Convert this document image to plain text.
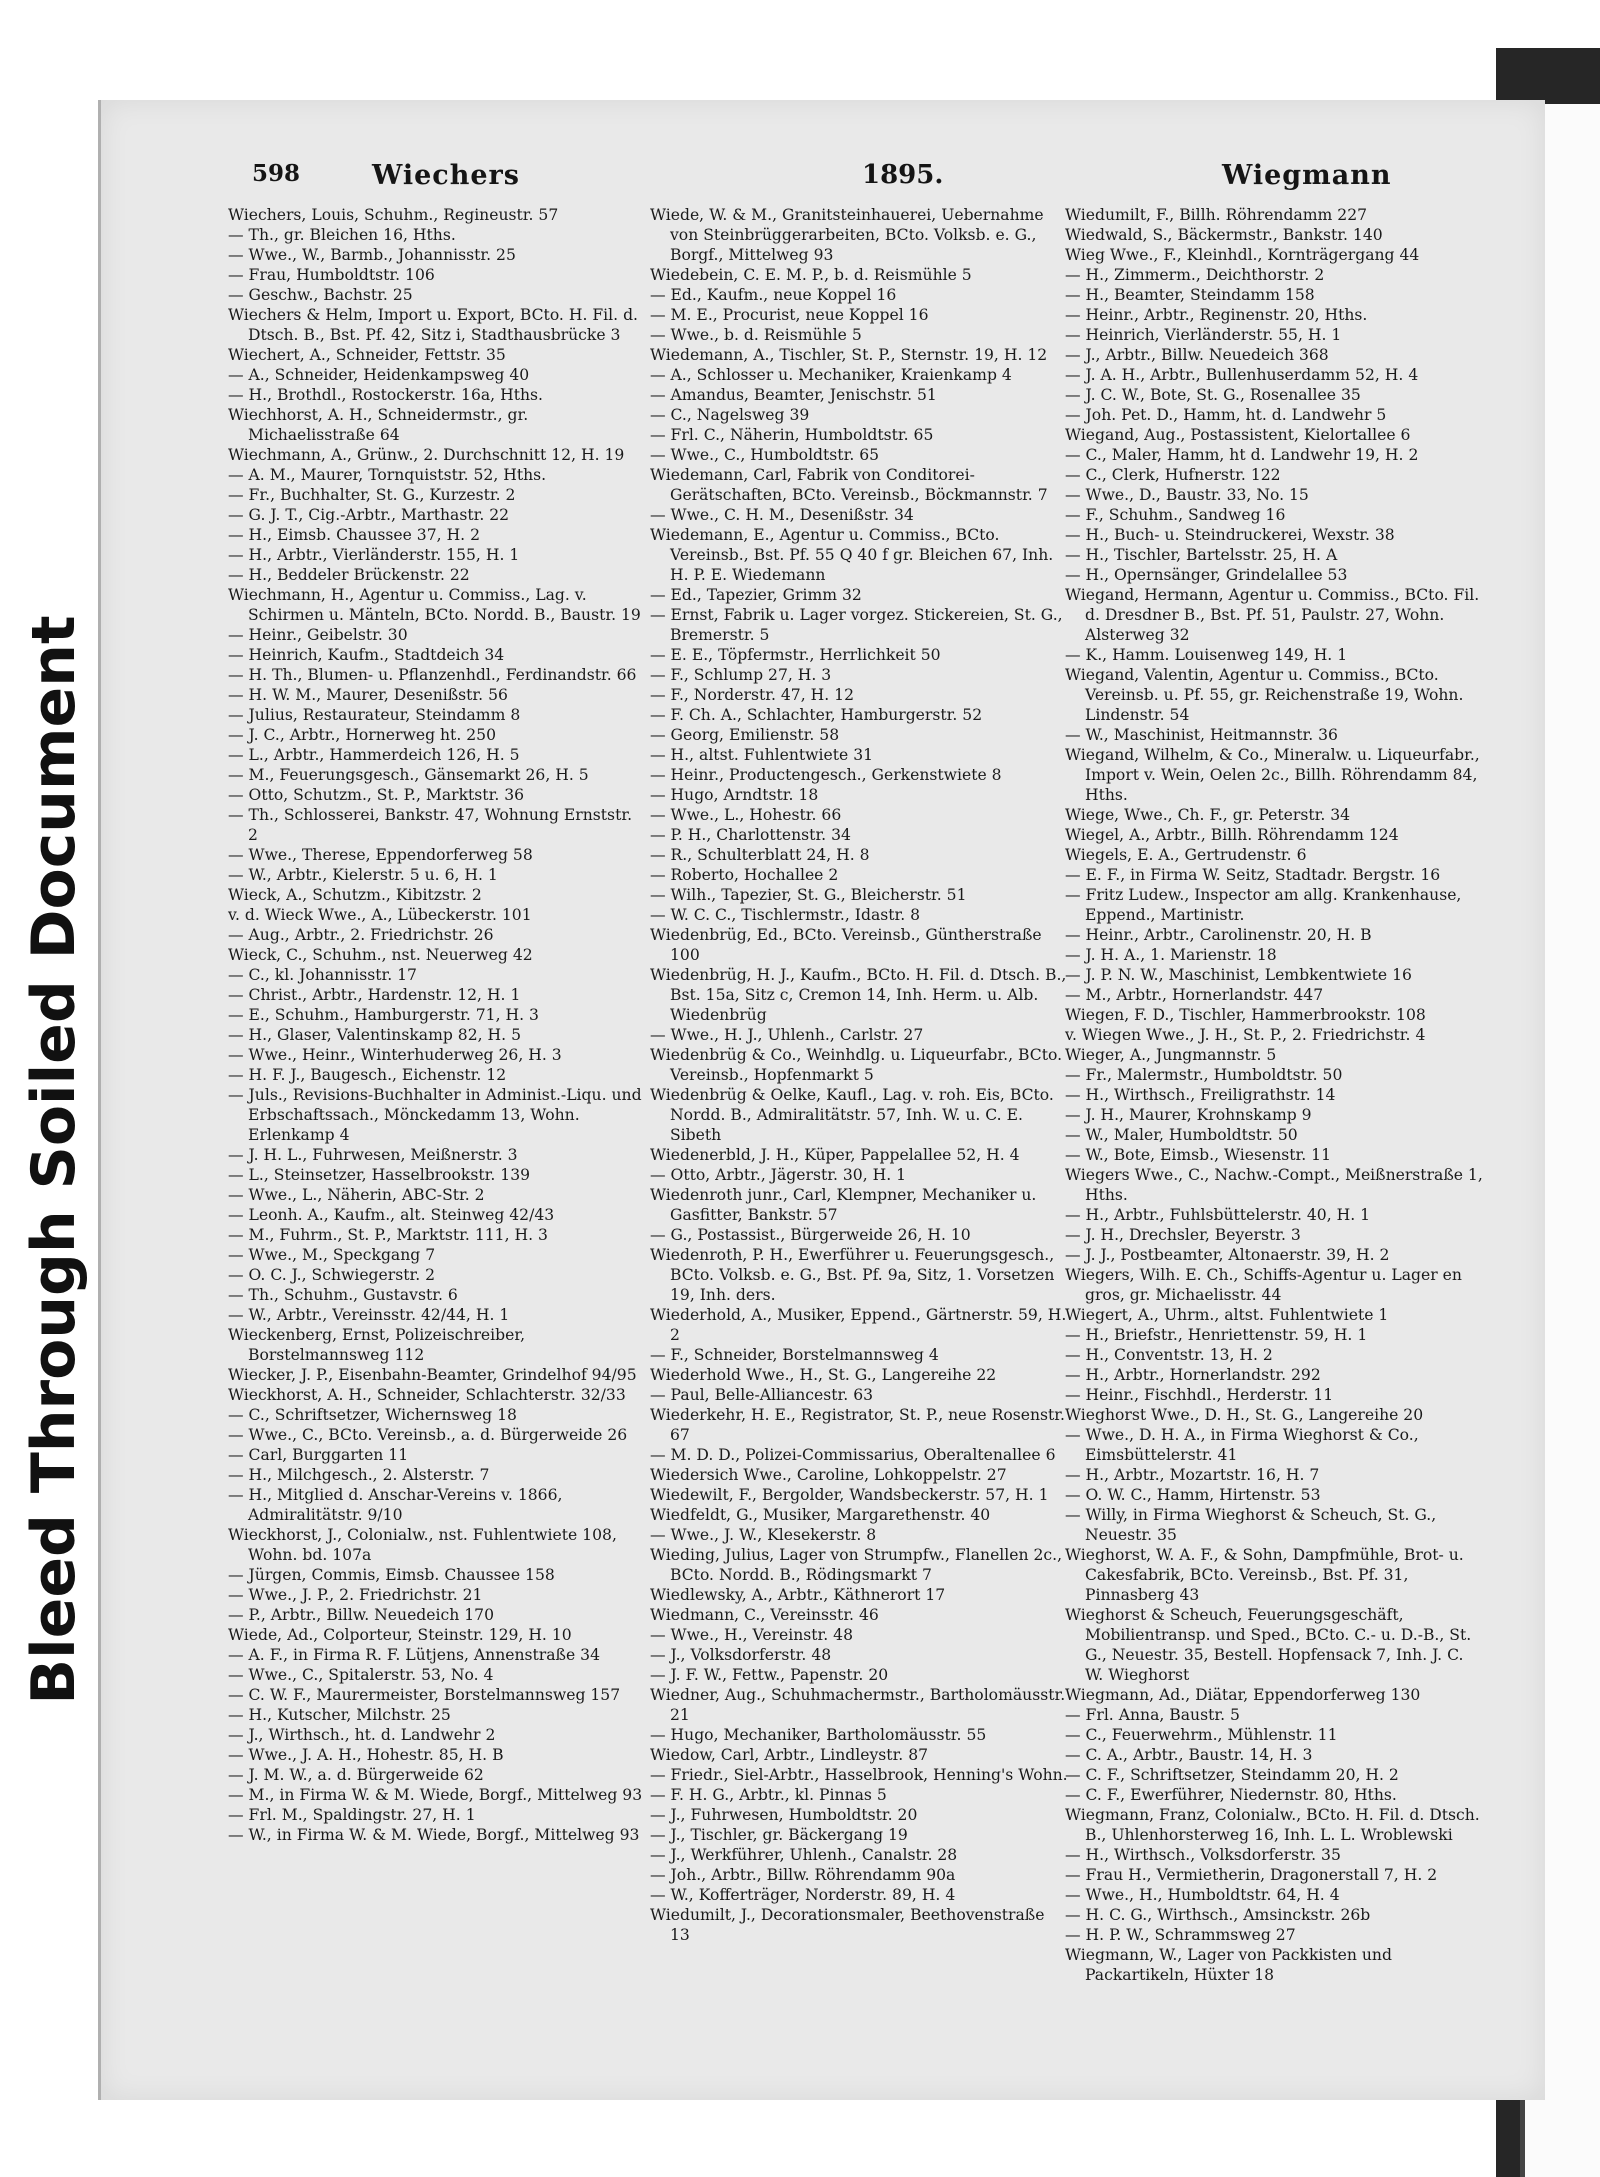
Bleed Through Soiled Document
598	Wiechers	1895.	Wiegmann

Wiechers, Louis, Schuhm., Regineustr. 57

— Th., gr. Bleichen 16, Hths.

— Wwe., W., Barmb., Johannisstr. 25

— Frau, Humboldtstr. 106

— Geschw., Bachstr. 25

Wiechers & Helm, Import u. Export, BCto. H. Fil. d. Dtsch. B., Bst. Pf. 42, Sitz i, Stadthausbrücke 3

Wiechert, A., Schneider, Fettstr. 35

— A., Schneider, Heidenkampsweg 40

— H., Brothdl., Rostockerstr. 16a, Hths.

Wiechhorst, A. H., Schneidermstr., gr. Michaelisstraße 64

Wiechmann, A., Grünw., 2. Durchschnitt 12, H. 19

— A. M., Maurer, Tornquiststr. 52, Hths.

— Fr., Buchhalter, St. G., Kurzestr. 2

— G. J. T., Cig.-Arbtr., Marthastr. 22

— H., Eimsb. Chaussee 37, H. 2

— H., Arbtr., Vierländerstr. 155, H. 1

— H., Beddeler Brückenstr. 22

Wiechmann, H., Agentur u. Commiss., Lag. v. Schirmen u. Mänteln, BCto. Nordd. B., Baustr. 19

— Heinr., Geibelstr. 30

— Heinrich, Kaufm., Stadtdeich 34

— H. Th., Blumen- u. Pflanzenhdl., Ferdinandstr. 66

— H. W. M., Maurer, Desenißstr. 56

— Julius, Restaurateur, Steindamm 8

— J. C., Arbtr., Hornerweg ht. 250

— L., Arbtr., Hammerdeich 126, H. 5

— M., Feuerungsgesch., Gänsemarkt 26, H. 5

— Otto, Schutzm., St. P., Marktstr. 36

— Th., Schlosserei, Bankstr. 47, Wohnung Ernststr. 2

— Wwe., Therese, Eppendorferweg 58

— W., Arbtr., Kielerstr. 5 u. 6, H. 1

Wieck, A., Schutzm., Kibitzstr. 2

v. d. Wieck Wwe., A., Lübeckerstr. 101

— Aug., Arbtr., 2. Friedrichstr. 26

Wieck, C., Schuhm., nst. Neuerweg 42

— C., kl. Johannisstr. 17

— Christ., Arbtr., Hardenstr. 12, H. 1

— E., Schuhm., Hamburgerstr. 71, H. 3

— H., Glaser, Valentinskamp 82, H. 5

— Wwe., Heinr., Winterhuderweg 26, H. 3

— H. F. J., Baugesch., Eichenstr. 12

— Juls., Revisions-Buchhalter in Administ.-Liqu. und Erbschaftssach., Mönckedamm 13, Wohn. Erlenkamp 4

— J. H. L., Fuhrwesen, Meißnerstr. 3

— L., Steinsetzer, Hasselbrookstr. 139

— Wwe., L., Näherin, ABC-Str. 2

— Leonh. A., Kaufm., alt. Steinweg 42/43

— M., Fuhrm., St. P., Marktstr. 111, H. 3

— Wwe., M., Speckgang 7

— O. C. J., Schwiegerstr. 2

— Th., Schuhm., Gustavstr. 6

— W., Arbtr., Vereinsstr. 42/44, H. 1

Wieckenberg, Ernst, Polizeischreiber, Borstelmannsweg 112

Wiecker, J. P., Eisenbahn-Beamter, Grindelhof 94/95

Wieckhorst, A. H., Schneider, Schlachterstr. 32/33

— C., Schriftsetzer, Wichernsweg 18

— Wwe., C., BCto. Vereinsb., a. d. Bürgerweide 26

— Carl, Burggarten 11

— H., Milchgesch., 2. Alsterstr. 7

— H., Mitglied d. Anschar-Vereins v. 1866, Admiralitätstr. 9/10

Wieckhorst, J., Colonialw., nst. Fuhlentwiete 108, Wohn. bd. 107a

— Jürgen, Commis, Eimsb. Chaussee 158

— Wwe., J. P., 2. Friedrichstr. 21

— P., Arbtr., Billw. Neuedeich 170

Wiede, Ad., Colporteur, Steinstr. 129, H. 10

— A. F., in Firma R. F. Lütjens, Annenstraße 34

— Wwe., C., Spitalerstr. 53, No. 4

— C. W. F., Maurermeister, Borstelmannsweg 157

— H., Kutscher, Milchstr. 25

— J., Wirthsch., ht. d. Landwehr 2

— Wwe., J. A. H., Hohestr. 85, H. B

— J. M. W., a. d. Bürgerweide 62

— M., in Firma W. & M. Wiede, Borgf., Mittelweg 93

— Frl. M., Spaldingstr. 27, H. 1

— W., in Firma W. & M. Wiede, Borgf., Mittelweg 93

Wiede, W. & M., Granitsteinhauerei, Uebernahme von Steinbrüggerarbeiten, BCto. Volksb. e. G., Borgf., Mittelweg 93

Wiedebein, C. E. M. P., b. d. Reismühle 5

— Ed., Kaufm., neue Koppel 16

— M. E., Procurist, neue Koppel 16

— Wwe., b. d. Reismühle 5

Wiedemann, A., Tischler, St. P., Sternstr. 19, H. 12

— A., Schlosser u. Mechaniker, Kraienkamp 4

— Amandus, Beamter, Jenischstr. 51

— C., Nagelsweg 39

— Frl. C., Näherin, Humboldtstr. 65

— Wwe., C., Humboldtstr. 65

Wiedemann, Carl, Fabrik von Conditorei-Gerätschaften, BCto. Vereinsb., Böckmannstr. 7

— Wwe., C. H. M., Desenißstr. 34

Wiedemann, E., Agentur u. Commiss., BCto. Vereinsb., Bst. Pf. 55 Q 40 f gr. Bleichen 67, Inh. H. P. E. Wiedemann

— Ed., Tapezier, Grimm 32

— Ernst, Fabrik u. Lager vorgez. Stickereien, St. G., Bremerstr. 5

— E. E., Töpfermstr., Herrlichkeit 50

— F., Schlump 27, H. 3

— F., Norderstr. 47, H. 12

— F. Ch. A., Schlachter, Hamburgerstr. 52

— Georg, Emilienstr. 58

— H., altst. Fuhlentwiete 31

— Heinr., Productengesch., Gerkenstwiete 8

— Hugo, Arndtstr. 18

— Wwe., L., Hohestr. 66

— P. H., Charlottenstr. 34

— R., Schulterblatt 24, H. 8

— Roberto, Hochallee 2

— Wilh., Tapezier, St. G., Bleicherstr. 51

— W. C. C., Tischlermstr., Idastr. 8

Wiedenbrüg, Ed., BCto. Vereinsb., Güntherstraße 100

Wiedenbrüg, H. J., Kaufm., BCto. H. Fil. d. Dtsch. B., Bst. 15a, Sitz c, Cremon 14, Inh. Herm. u. Alb. Wiedenbrüg

— Wwe., H. J., Uhlenh., Carlstr. 27

Wiedenbrüg & Co., Weinhdlg. u. Liqueurfabr., BCto. Vereinsb., Hopfenmarkt 5

Wiedenbrüg & Oelke, Kaufl., Lag. v. roh. Eis, BCto. Nordd. B., Admiralitätstr. 57, Inh. W. u. C. E. Sibeth

Wiedenerbld, J. H., Küper, Pappelallee 52, H. 4

— Otto, Arbtr., Jägerstr. 30, H. 1

Wiedenroth junr., Carl, Klempner, Mechaniker u. Gasfitter, Bankstr. 57

— G., Postassist., Bürgerweide 26, H. 10

Wiedenroth, P. H., Ewerführer u. Feuerungsgesch., BCto. Volksb. e. G., Bst. Pf. 9a, Sitz, 1. Vorsetzen 19, Inh. ders.

Wiederhold, A., Musiker, Eppend., Gärtnerstr. 59, H. 2

— F., Schneider, Borstelmannsweg 4

Wiederhold Wwe., H., St. G., Langereihe 22

— Paul, Belle-Alliancestr. 63

Wiederkehr, H. E., Registrator, St. P., neue Rosenstr. 67

— M. D. D., Polizei-Commissarius, Oberaltenallee 6

Wiedersich Wwe., Caroline, Lohkoppelstr. 27

Wiedewilt, F., Bergolder, Wandsbeckerstr. 57, H. 1

Wiedfeldt, G., Musiker, Margarethenstr. 40

— Wwe., J. W., Klesekerstr. 8

Wieding, Julius, Lager von Strumpfw., Flanellen 2c., BCto. Nordd. B., Rödingsmarkt 7

Wiedlewsky, A., Arbtr., Käthnerort 17

Wiedmann, C., Vereinsstr. 46

— Wwe., H., Vereinstr. 48

— J., Volksdorferstr. 48

— J. F. W., Fettw., Papenstr. 20

Wiedner, Aug., Schuhmachermstr., Bartholomäusstr. 21

— Hugo, Mechaniker, Bartholomäusstr. 55

Wiedow, Carl, Arbtr., Lindleystr. 87

— Friedr., Siel-Arbtr., Hasselbrook, Henning's Wohn.

— F. H. G., Arbtr., kl. Pinnas 5

— J., Fuhrwesen, Humboldtstr. 20

— J., Tischler, gr. Bäckergang 19

— J., Werkführer, Uhlenh., Canalstr. 28

— Joh., Arbtr., Billw. Röhrendamm 90a

— W., Kofferträger, Norderstr. 89, H. 4

Wiedumilt, J., Decorationsmaler, Beethovenstraße 13

Wiedumilt, F., Billh. Röhrendamm 227

Wiedwald, S., Bäckermstr., Bankstr. 140

Wieg Wwe., F., Kleinhdl., Kornträgergang 44

— H., Zimmerm., Deichthorstr. 2

— H., Beamter, Steindamm 158

— Heinr., Arbtr., Reginenstr. 20, Hths.

— Heinrich, Vierländerstr. 55, H. 1

— J., Arbtr., Billw. Neuedeich 368

— J. A. H., Arbtr., Bullenhuserdamm 52, H. 4

— J. C. W., Bote, St. G., Rosenallee 35

— Joh. Pet. D., Hamm, ht. d. Landwehr 5

Wiegand, Aug., Postassistent, Kielortallee 6

— C., Maler, Hamm, ht d. Landwehr 19, H. 2

— C., Clerk, Hufnerstr. 122

— Wwe., D., Baustr. 33, No. 15

— F., Schuhm., Sandweg 16

— H., Buch- u. Steindruckerei, Wexstr. 38

— H., Tischler, Bartelsstr. 25, H. A

— H., Opernsänger, Grindelallee 53

Wiegand, Hermann, Agentur u. Commiss., BCto. Fil. d. Dresdner B., Bst. Pf. 51, Paulstr. 27, Wohn. Alsterweg 32

— K., Hamm. Louisenweg 149, H. 1

Wiegand, Valentin, Agentur u. Commiss., BCto. Vereinsb. u. Pf. 55, gr. Reichenstraße 19, Wohn. Lindenstr. 54

— W., Maschinist, Heitmannstr. 36

Wiegand, Wilhelm, & Co., Mineralw. u. Liqueurfabr., Import v. Wein, Oelen 2c., Billh. Röhrendamm 84, Hths.

Wiege, Wwe., Ch. F., gr. Peterstr. 34

Wiegel, A., Arbtr., Billh. Röhrendamm 124

Wiegels, E. A., Gertrudenstr. 6

— E. F., in Firma W. Seitz, Stadtadr. Bergstr. 16

— Fritz Ludew., Inspector am allg. Krankenhause, Eppend., Martinistr.

— Heinr., Arbtr., Carolinenstr. 20, H. B

— J. H. A., 1. Marienstr. 18

— J. P. N. W., Maschinist, Lembkentwiete 16

— M., Arbtr., Hornerlandstr. 447

Wiegen, F. D., Tischler, Hammerbrookstr. 108

v. Wiegen Wwe., J. H., St. P., 2. Friedrichstr. 4

Wieger, A., Jungmannstr. 5

— Fr., Malermstr., Humboldtstr. 50

— H., Wirthsch., Freiligrathstr. 14

— J. H., Maurer, Krohnskamp 9

— W., Maler, Humboldtstr. 50

— W., Bote, Eimsb., Wiesenstr. 11

Wiegers Wwe., C., Nachw.-Compt., Meißnerstraße 1, Hths.

— H., Arbtr., Fuhlsbüttelerstr. 40, H. 1

— J. H., Drechsler, Beyerstr. 3

— J. J., Postbeamter, Altonaerstr. 39, H. 2

Wiegers, Wilh. E. Ch., Schiffs-Agentur u. Lager en gros, gr. Michaelisstr. 44

Wiegert, A., Uhrm., altst. Fuhlentwiete 1

— H., Briefstr., Henriettenstr. 59, H. 1

— H., Conventstr. 13, H. 2

— H., Arbtr., Hornerlandstr. 292

— Heinr., Fischhdl., Herderstr. 11

Wieghorst Wwe., D. H., St. G., Langereihe 20

— Wwe., D. H. A., in Firma Wieghorst & Co., Eimsbüttelerstr. 41

— H., Arbtr., Mozartstr. 16, H. 7

— O. W. C., Hamm, Hirtenstr. 53

— Willy, in Firma Wieghorst & Scheuch, St. G., Neuestr. 35

Wieghorst, W. A. F., & Sohn, Dampfmühle, Brot- u. Cakesfabrik, BCto. Vereinsb., Bst. Pf. 31, Pinnasberg 43

Wieghorst & Scheuch, Feuerungsgeschäft, Mobilientransp. und Sped., BCto. C.- u. D.-B., St. G., Neuestr. 35, Bestell. Hopfensack 7, Inh. J. C. W. Wieghorst

Wiegmann, Ad., Diätar, Eppendorferweg 130

— Frl. Anna, Baustr. 5

— C., Feuerwehrm., Mühlenstr. 11

— C. A., Arbtr., Baustr. 14, H. 3

— C. F., Schriftsetzer, Steindamm 20, H. 2

— C. F., Ewerführer, Niedernstr. 80, Hths.

Wiegmann, Franz, Colonialw., BCto. H. Fil. d. Dtsch. B., Uhlenhorsterweg 16, Inh. L. L. Wroblewski

— H., Wirthsch., Volksdorferstr. 35

— Frau H., Vermietherin, Dragonerstall 7, H. 2

— Wwe., H., Humboldtstr. 64, H. 4

— H. C. G., Wirthsch., Amsinckstr. 26b

— H. P. W., Schrammsweg 27

Wiegmann, W., Lager von Packkisten und Packartikeln, Hüxter 18
